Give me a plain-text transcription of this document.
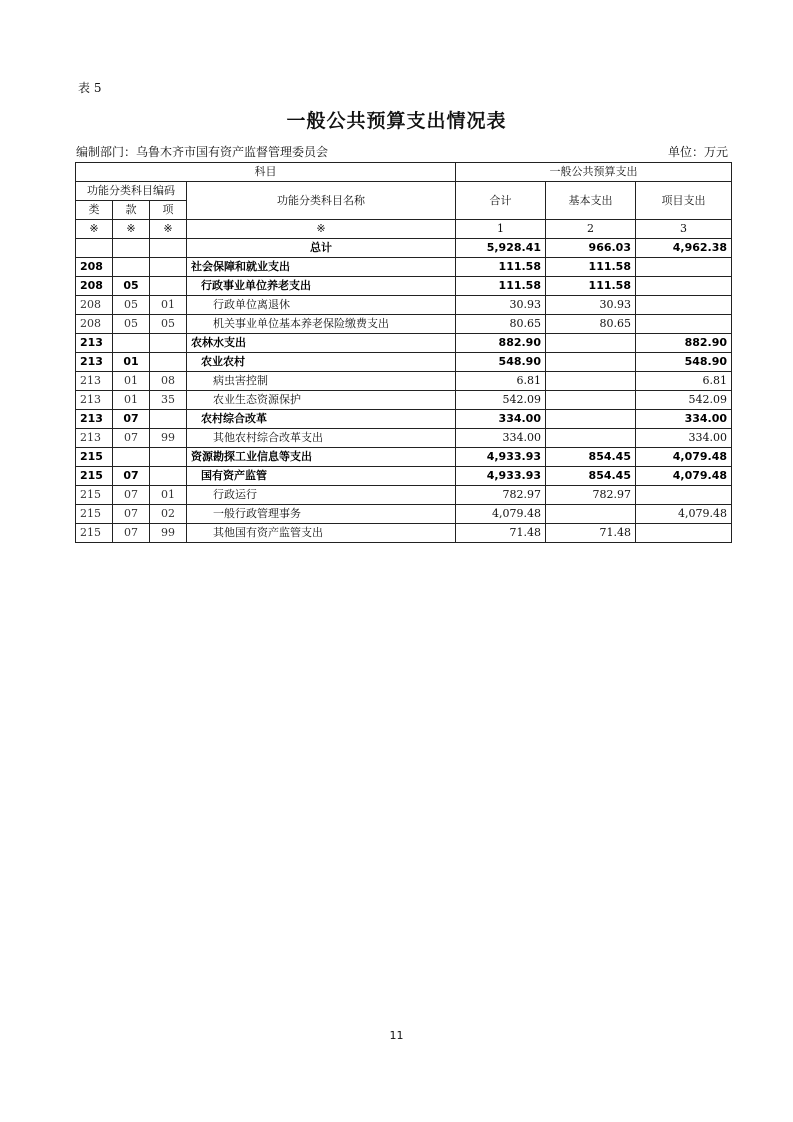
表 5
一般公共预算支出情况表
编制部门：乌鲁木齐市国有资产监督管理委员会	单位：万元
科目				一般公共预算支出		
功能分类科目编码			功能分类科目名称	合计	基本支出	项目支出
类	款	项				
※	※	※	※	1	2	3
			总计	5,928.41	966.03	4,962.38
208			社会保障和就业支出	111.58	111.58	
208	05		行政事业单位养老支出	111.58	111.58	
208	05	01	行政单位离退休	30.93	30.93	
208	05	05	机关事业单位基本养老保险缴费支出	80.65	80.65	
213			农林水支出	882.90		882.90
213	01		农业农村	548.90		548.90
213	01	08	病虫害控制	6.81		6.81
213	01	35	农业生态资源保护	542.09		542.09
213	07		农村综合改革	334.00		334.00
213	07	99	其他农村综合改革支出	334.00		334.00
215			资源勘探工业信息等支出	4,933.93	854.45	4,079.48
215	07		国有资产监管	4,933.93	854.45	4,079.48
215	07	01	行政运行	782.97	782.97	
215	07	02	一般行政管理事务	4,079.48		4,079.48
215	07	99	其他国有资产监管支出	71.48	71.48	
11
